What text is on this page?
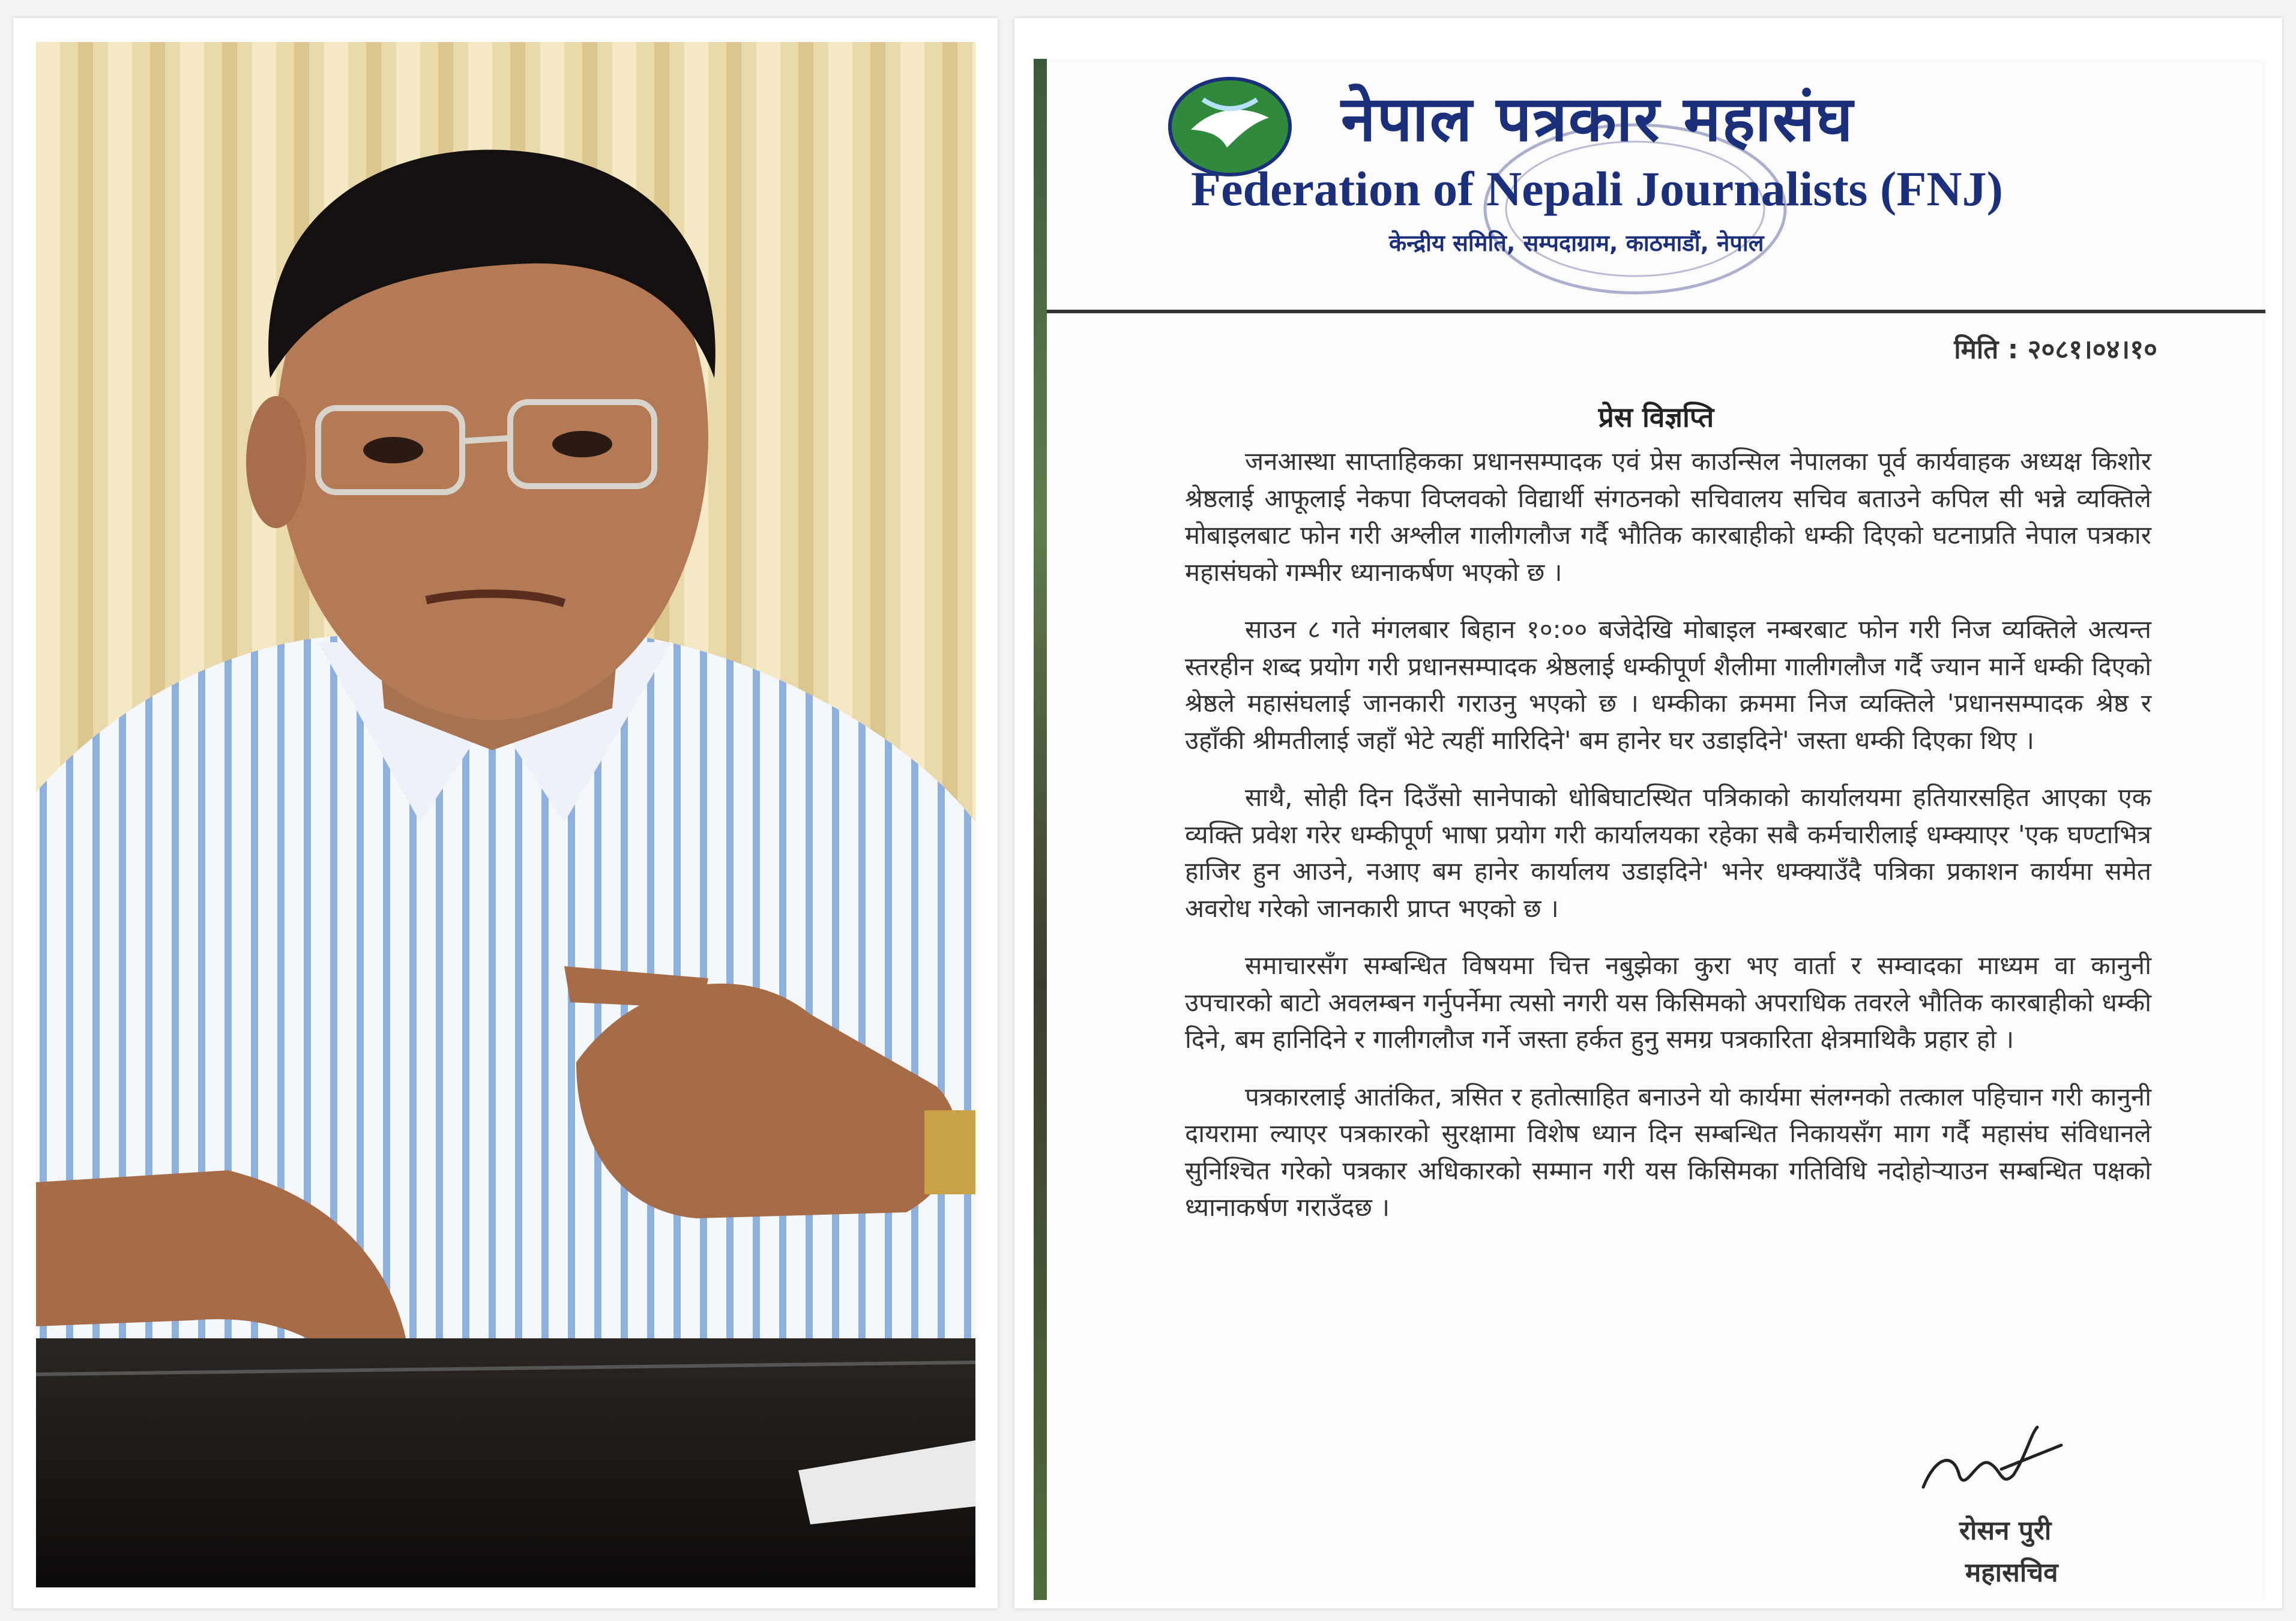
नेपाल पत्रकार महासंघ
Federation of Nepali Journalists (FNJ)
केन्द्रीय समिति, सम्पदाग्राम, काठमाडौं, नेपाल
मिति : २०८१।०४।१०
प्रेस विज्ञप्ति

जनआस्था साप्ताहिकका प्रधानसम्पादक एवं प्रेस काउन्सिल नेपालका पूर्व कार्यवाहक अध्यक्ष किशोर श्रेष्ठलाई आफूलाई नेकपा विप्लवको विद्यार्थी संगठनको सचिवालय सचिव बताउने कपिल सी भन्ने व्यक्तिले मोबाइलबाट फोन गरी अश्लील गालीगलौज गर्दै भौतिक कारबाहीको धम्की दिएको घटनाप्रति नेपाल पत्रकार महासंघको गम्भीर ध्यानाकर्षण भएको छ ।

साउन ८ गते मंगलबार बिहान १०:०० बजेदेखि मोबाइल नम्बरबाट फोन गरी निज व्यक्तिले अत्यन्त स्तरहीन शब्द प्रयोग गरी प्रधानसम्पादक श्रेष्ठलाई धम्कीपूर्ण शैलीमा गालीगलौज गर्दै ज्यान मार्ने धम्की दिएको श्रेष्ठले महासंघलाई जानकारी गराउनु भएको छ । धम्कीका क्रममा निज व्यक्तिले 'प्रधानसम्पादक श्रेष्ठ र उहाँकी श्रीमतीलाई जहाँ भेटे त्यहीं मारिदिने' बम हानेर घर उडाइदिने' जस्ता धम्की दिएका थिए ।

साथै, सोही दिन दिउँसो सानेपाको धोबिघाटस्थित पत्रिकाको कार्यालयमा हतियारसहित आएका एक व्यक्ति प्रवेश गरेर धम्कीपूर्ण भाषा प्रयोग गरी कार्यालयका रहेका सबै कर्मचारीलाई धम्क्याएर 'एक घण्टाभित्र हाजिर हुन आउने, नआए बम हानेर कार्यालय उडाइदिने' भनेर धम्क्याउँदै पत्रिका प्रकाशन कार्यमा समेत अवरोध गरेको जानकारी प्राप्त भएको छ ।

समाचारसँग सम्बन्धित विषयमा चित्त नबुझेका कुरा भए वार्ता र सम्वादका माध्यम वा कानुनी उपचारको बाटो अवलम्बन गर्नुपर्नेमा त्यसो नगरी यस किसिमको अपराधिक तवरले भौतिक कारबाहीको धम्की दिने, बम हानिदिने र गालीगलौज गर्ने जस्ता हर्कत हुनु समग्र पत्रकारिता क्षेत्रमाथिकै प्रहार हो ।

पत्रकारलाई आतंकित, त्रसित र हतोत्साहित बनाउने यो कार्यमा संलग्नको तत्काल पहिचान गरी कानुनी दायरामा ल्याएर पत्रकारको सुरक्षामा विशेष ध्यान दिन सम्बन्धित निकायसँग माग गर्दै महासंघ संविधानले सुनिश्चित गरेको पत्रकार अधिकारको सम्मान गरी यस किसिमका गतिविधि नदोहोऱ्याउन सम्बन्धित पक्षको ध्यानाकर्षण गराउँदछ ।

रोसन पुरी
महासचिव
